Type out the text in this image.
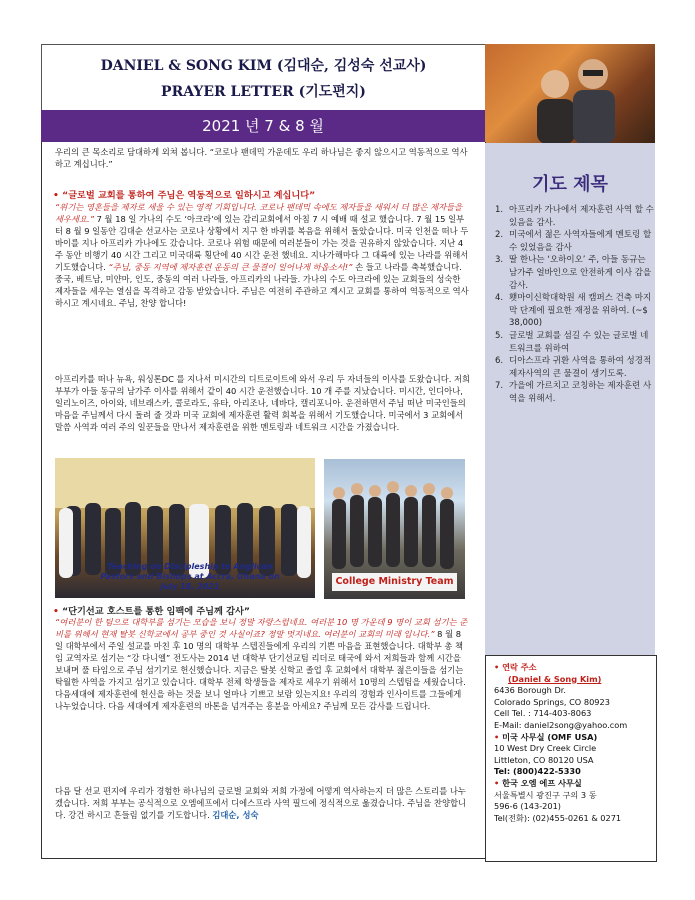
DANIEL & SONG KIM (김대순, 김성숙 선교사)
PRAYER LETTER (기도편지)
2021 년 7 & 8 월

우리의 큰 목소리로 담대하게 외쳐 봅니다. “코로나 팬데믹 가운데도 우리 하나님은 좋지 않으시고 역동적으로 역사하고 계십니다.”

• “글로벌 교회를 통하여 주님은 역동적으로 일하시고 계십니다”

“위기는 영혼들을 제자로 세울 수 있는 영적 기회입니다. 코로나 팬데믹 속에도 제자들을 세워서 더 많은 제자들을 세우세요.” 7 월 18 일 가나의 수도 ‘아크라’에 있는 감리교회에서 아침 7 시 예배 때 설교 했습니다. 7 월 15 일부터 8 월 9 일동안 김대순 선교사는 코로나 상황에서 지구 한 바퀴를 복음을 위해서 돌았습니다. 미국 인천을 떠나 두바이를 지나 아프리카 가나에도 갔습니다. 코로나 위험 때문에 여러분들이 가는 것을 권유하지 않았습니다. 지난 4 주 동안 비행기 40 시간 그리고 미국대륙 횡단에 40 시간 운전 했네요. 지나가해마다 그 대륙에 있는 나라를 위해서 기도했습니다. “주님, 중동 지역에 제자훈련 운동의 큰 물결이 일어나게 하옵소서!” 손 들고 나라를 축복했습니다. 중국, 베트남, 미얀마, 인도, 중동의 여러 나라들, 아프리카의 나라들. 가나의 수도 아크라에 있는 교회들의 성숙한 제자들을 세우는 열심을 목격하고 감동 받았습니다. 주님은 여전히 주관하고 계시고 교회를 통하여 역동적으로 역사하시고 계시네요. 주님, 찬양 합니다!

아프리카를 떠나 뉴욕, 워싱톤DC 를 지나서 미시간의 디트로이트에 와서 우리 두 자녀들의 이사를 도왔습니다. 저희 부부가 아들 동규의 남가주 이사를 위해서 같이 40 시간 운전했습니다. 10 개 주를 지났습니다. 미시간, 인디아나, 일리노이즈, 아이와, 네브래스카, 콜로라도, 유타, 아리조나, 네바다, 캘리포니아. 운전하면서 주님 떠난 미국인들의 마음을 주님께서 다시 돌려 줄 것과 미국 교회에 제자훈련 활력 회복을 위해서 기도했습니다. 미국에서 3 교회에서 말씀 사역과 여러 주의 일꾼들을 만나서 제자훈련을 위한 멘토링과 네트워크 시간을 가졌습니다.

Teaching on Discipleship to Anglican Pastors and Bishops at Accra, Ghana on July 18, 2021	College Ministry Team
• “단기선교 호스트를 통한 임팩에 주님께 감사”

“여러분이 한 팀으로 대학부를 섬기는 모습을 보니 정말 자랑스럽네요. 여러분 10 명 가운데 9 명이 교회 섬기는 준비를 위해서 현재 탈봇 신학교에서 공부 중인 것 사실이죠? 정말 멋지네요. 여러분이 교회의 미래 입니다.” 8 월 8 일 대학부에서 주일 설교를 마친 후 10 명의 대학부 스텝진들에게 우리의 기쁜 마음을 표현했습니다. 대학부 총 책임 교역자로 섬기는 “강 다니엘” 전도사는 2014 년 대학부 단기선교팀 리더로 태국에 와서 저희들과 함께 시간을 보내며 풀 타임으로 주님 섬기기로 헌신했습니다. 지금은 탈봇 신학교 졸업 후 교회에서 대학부 젊은이들을 섬기는 탁월한 사역을 가지고 섬기고 있습니다. 대학부 전체 학생들을 제자로 세우기 위해서 10명의 스텝팀을 세웠습니다. 다음세대에 제자훈련에 헌신을 하는 것을 보니 얼마나 기쁘고 보람 있는지요! 우리의 경험과 인사이트를 그들에게 나누었습니다. 다음 세대에게 제자훈련의 바톤을 넘겨주는 흥분을 아세요? 주님께 모든 감사를 드립니다.

다음 달 선교 편지에 우리가 경험한 하나님의 글로벌 교회와 저희 가정에 어떻게 역사하는지 더 많은 스토리를 나누겠습니다. 저희 부부는 공식적으로 오엠에프에서 디에스프라 사역 필드에 정식적으로 옮겼습니다. 주님을 찬양합니다. 강건 하시고 흔들림 없기를 기도합니다. 김대순, 성숙

기도 제목
1. 아프리카 가나에서 제자훈련 사역 할 수 있음을 감사.
2. 미국에서 젊은 사역자들에게 멘토링 할 수 있었음을 감사
3. 딸 한나는 ‘오하이오’ 주, 아들 동규는 남가주 얼바인으로 안전하게 이사 감을 감사.
4. 횃마이신학대학원 새 캠퍼스 건축 마지막 단계에 필요한 재정을 위하여. (~$ 38,000)
5. 글로벌 교회를 섬길 수 있는 글로벌 네트워크를 위하여
6. 디아스프라 귀환 사역을 통하여 성경적 제자사역의 큰 물결이 생기도록.
7. 가을에 가르치고 코칭하는 제자훈련 사역을 위해서.
• 연락 주소
(Daniel & Song Kim)
6436 Borough Dr.
Colorado Springs, CO 80923
Cell Tel. : 714-403-8063
E-Mail: daniel2song@yahoo.com
• 미국 사무실 (OMF USA)
10 West Dry Creek Circle
Littleton, CO 80120 USA
Tel: (800)422-5330
• 한국 오엠 에프 사무실
서울특별시 광진구 구의 3 동
596-6 (143-201)
Tel(전화): (02)455-0261 & 0271
